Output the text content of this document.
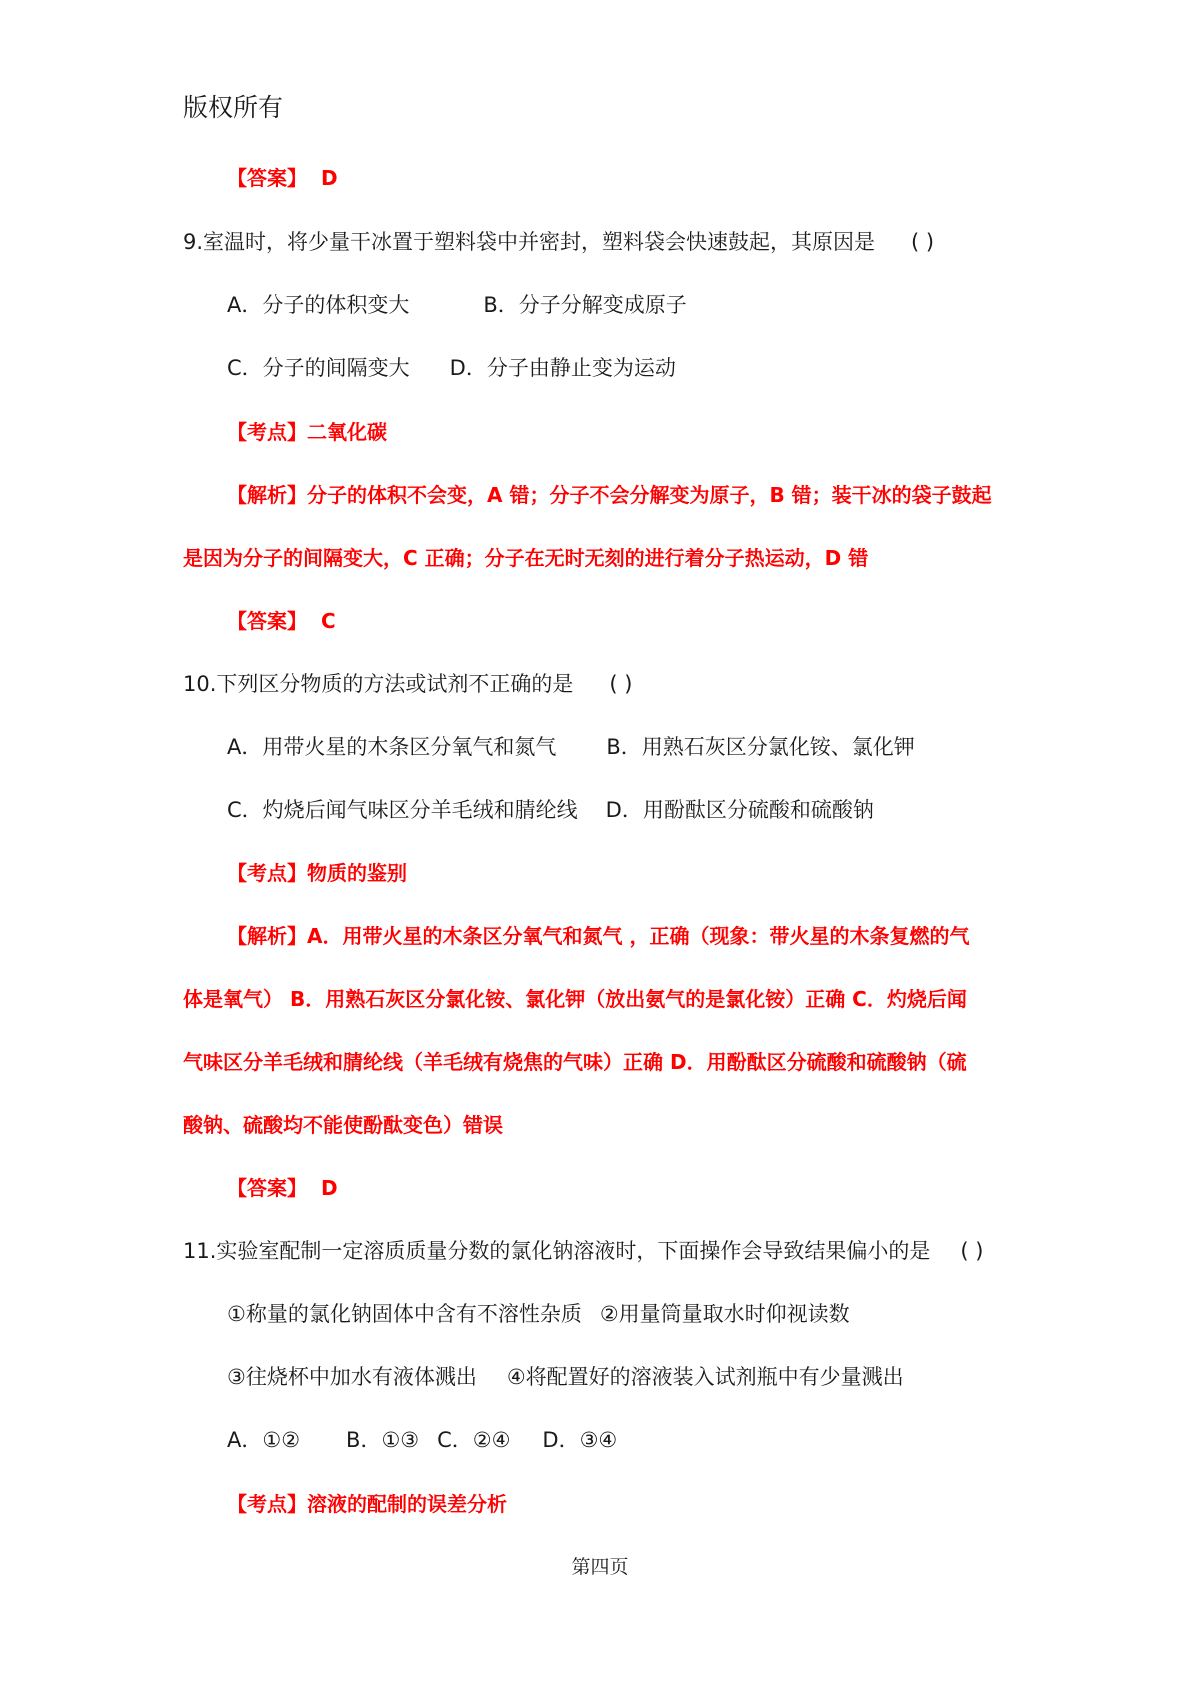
版权所有
【答案】 D
9.室温时，将少量干冰置于塑料袋中并密封，塑料袋会快速鼓起，其原因是 ( )
A．分子的体积变大	B．分子分解变成原子
C．分子的间隔变大 D．分子由静止变为运动
【考点】二氧化碳
【解析】分子的体积不会变，A 错；分子不会分解变为原子，B 错；装干冰的袋子鼓起
是因为分子的间隔变大，C 正确；分子在无时无刻的进行着分子热运动，D 错
【答案】 C
10.下列区分物质的方法或试剂不正确的是 ( )
A．用带火星的木条区分氧气和氮气 B．用熟石灰区分氯化铵、氯化钾
C．灼烧后闻气味区分羊毛绒和腈纶线 D．用酚酞区分硫酸和硫酸钠
【考点】物质的鉴别
【解析】A．用带火星的木条区分氧气和氮气 ，正确（现象：带火星的木条复燃的气
体是氧气） B．用熟石灰区分氯化铵、氯化钾（放出氨气的是氯化铵）正确 C．灼烧后闻
气味区分羊毛绒和腈纶线（羊毛绒有烧焦的气味）正确 D．用酚酞区分硫酸和硫酸钠（硫
酸钠、硫酸均不能使酚酞变色）错误
【答案】 D
11.实验室配制一定溶质质量分数的氯化钠溶液时，下面操作会导致结果偏小的是 ( )
①称量的氯化钠固体中含有不溶性杂质 ②用量筒量取水时仰视读数
③往烧杯中加水有液体溅出 ④将配置好的溶液装入试剂瓶中有少量溅出
A．①② B．①③ C．②④ D．③④
【考点】溶液的配制的误差分析
第四页
